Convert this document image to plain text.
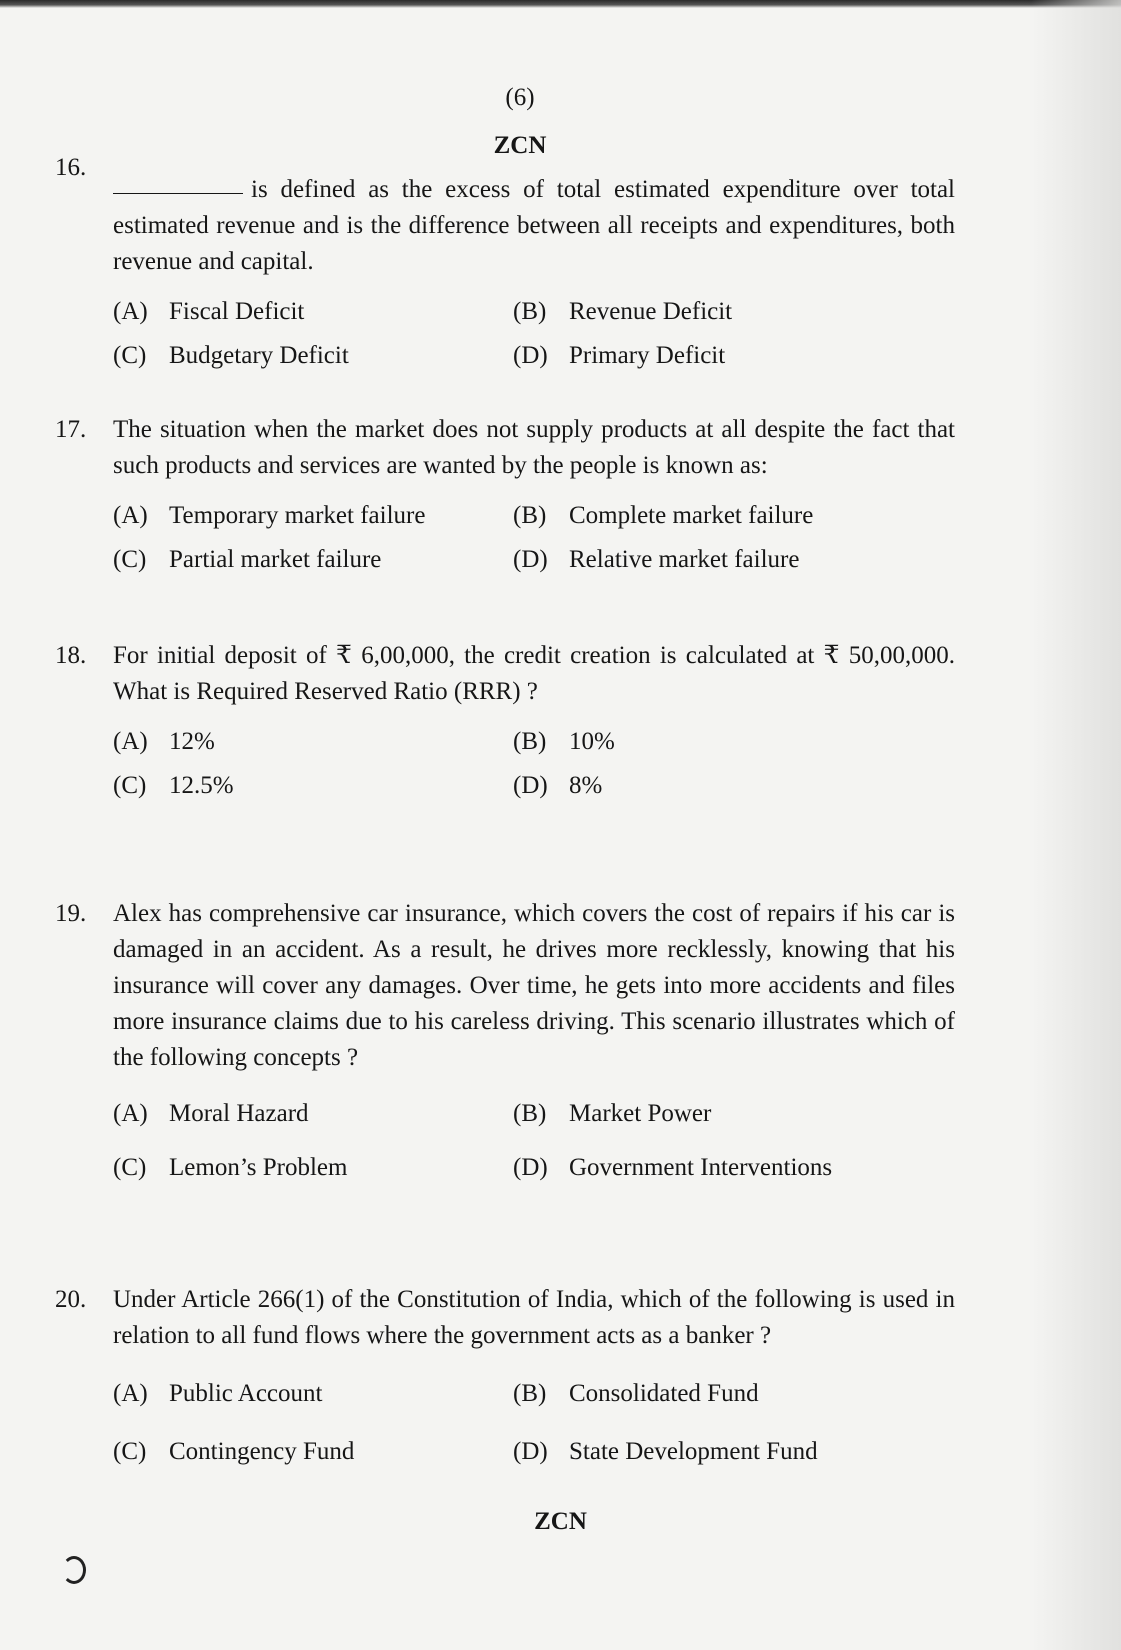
(6)
ZCN
16.
is defined as the excess of total estimated expenditure over total estimated revenue and is the difference between all receipts and expenditures, both revenue and capital.
(A) Fiscal Deficit	(B) Revenue Deficit
(C) Budgetary Deficit	(D) Primary Deficit
17. The situation when the market does not supply products at all despite the fact that such products and services are wanted by the people is known as:
(A) Temporary market failure	(B) Complete market failure
(C) Partial market failure	(D) Relative market failure
18. For initial deposit of ₹ 6,00,000, the credit creation is calculated at ₹ 50,00,000. What is Required Reserved Ratio (RRR) ?
(A) 12%	(B) 10%
(C) 12.5%	(D) 8%
19. Alex has comprehensive car insurance, which covers the cost of repairs if his car is damaged in an accident. As a result, he drives more recklessly, knowing that his insurance will cover any damages. Over time, he gets into more accidents and files more insurance claims due to his careless driving. This scenario illustrates which of the following concepts ?
(A) Moral Hazard	(B) Market Power
(C) Lemon’s Problem	(D) Government Interventions
20. Under Article 266(1) of the Constitution of India, which of the following is used in relation to all fund flows where the government acts as a banker ?
(A) Public Account	(B) Consolidated Fund
(C) Contingency Fund	(D) State Development Fund
ZCN
